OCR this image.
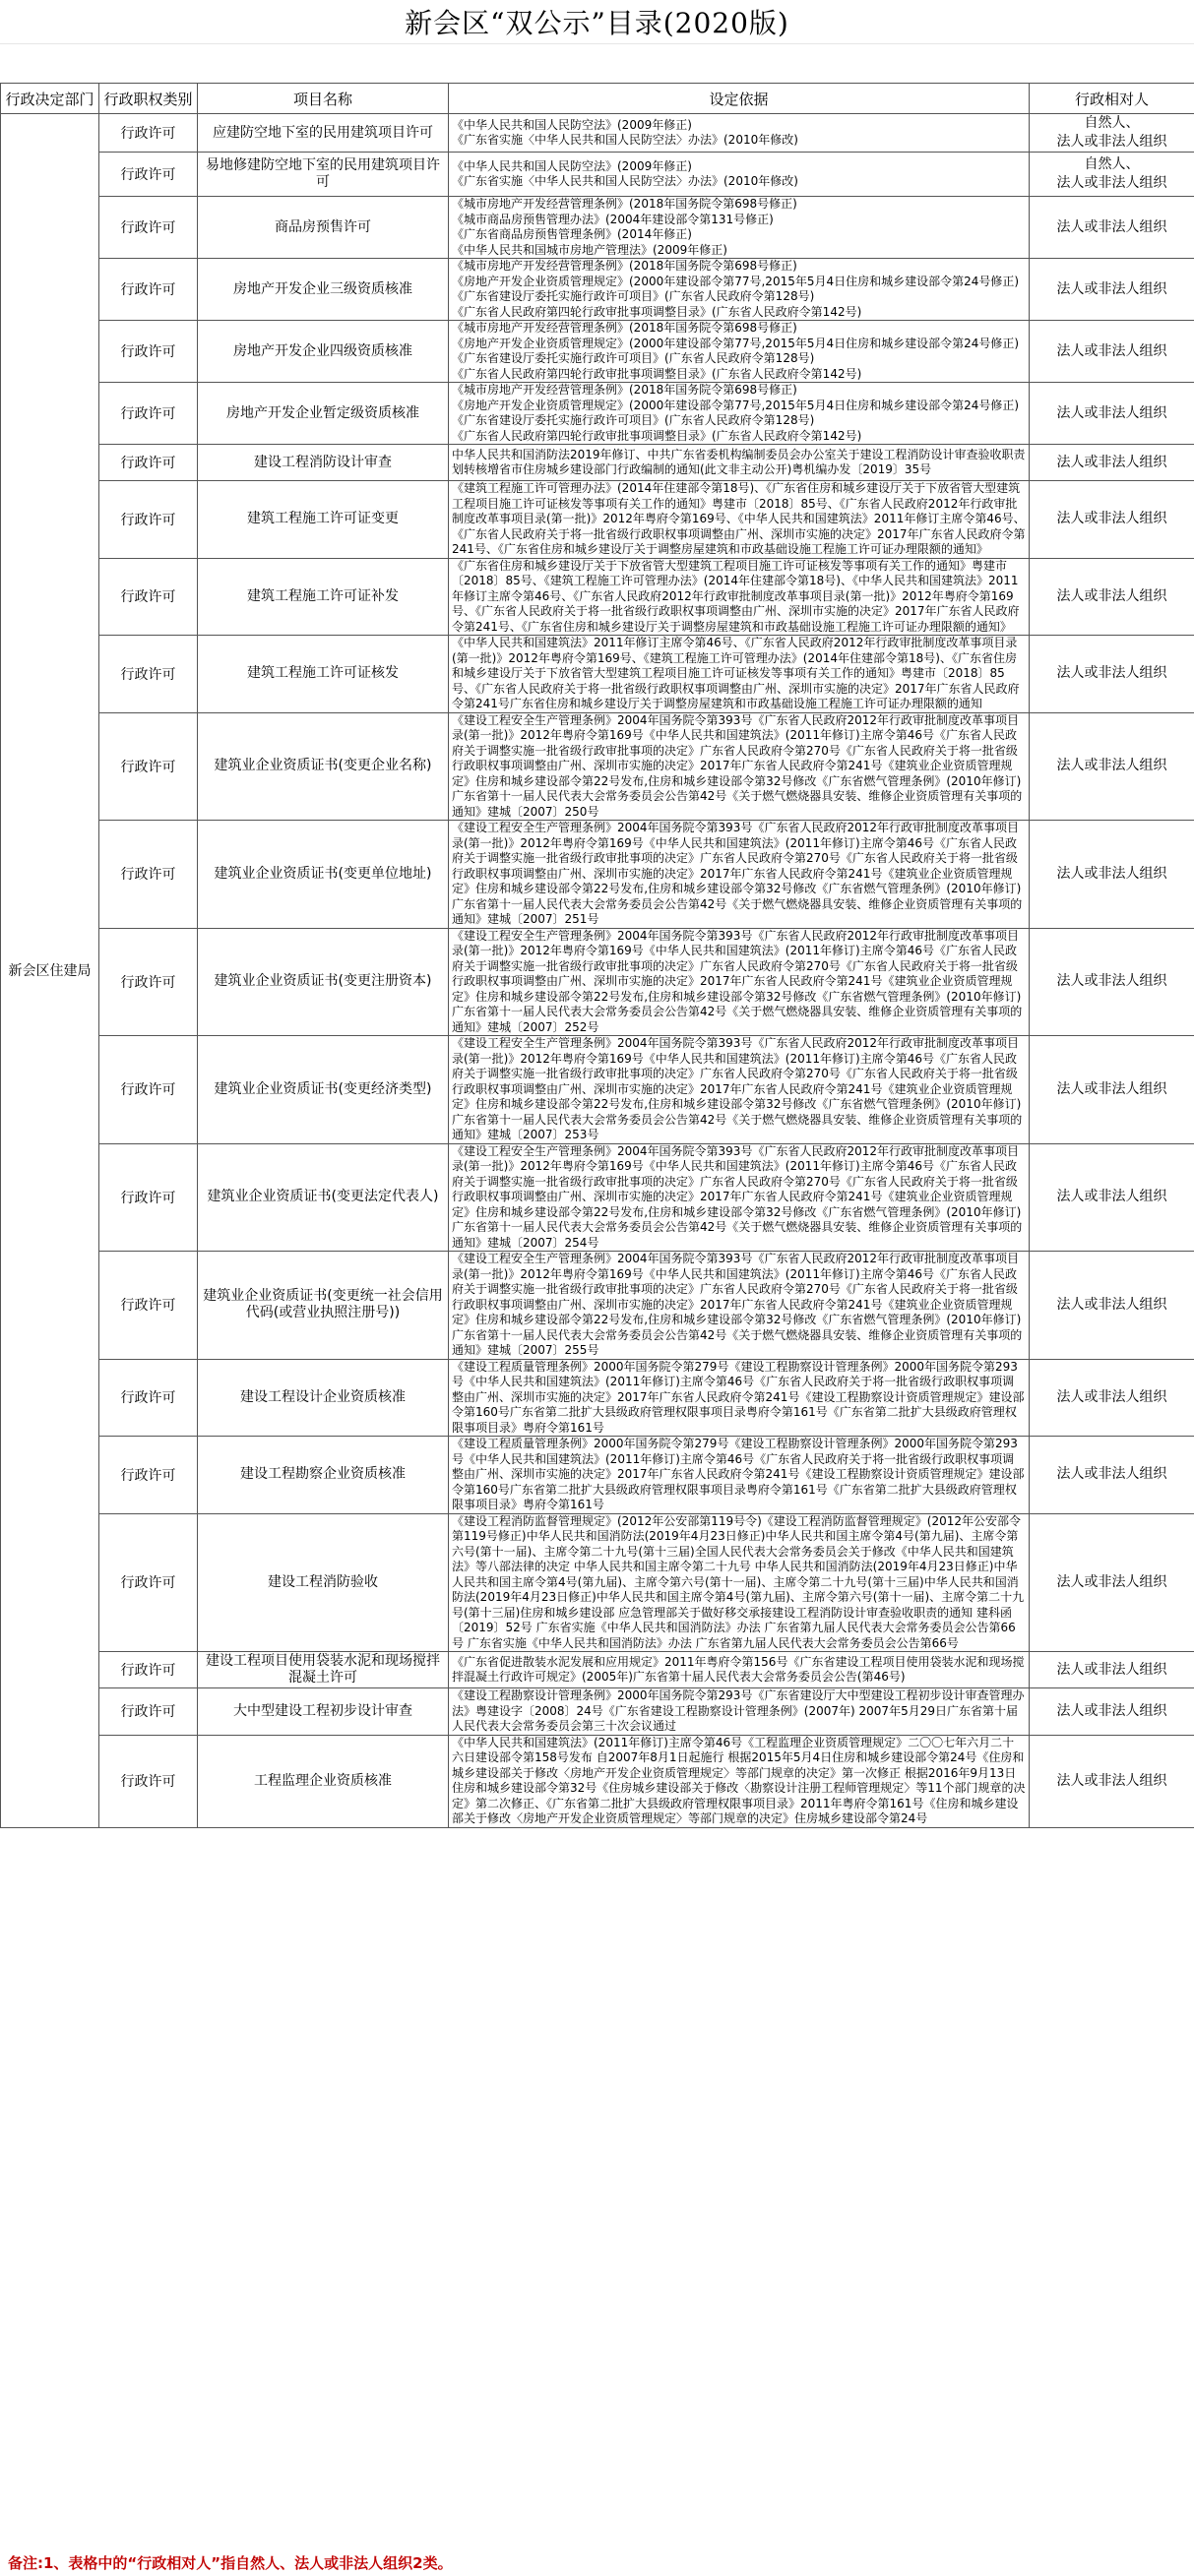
新会区“双公示”目录(2020版)
行政决定部门	行政职权类别	项目名称	设定依据	行政相对人
新会区住建局	行政许可	应建防空地下室的民用建筑项目许可	《中华人民共和国人民防空法》(2009年修正)
《广东省实施〈中华人民共和国人民防空法〉办法》(2010年修改)	自然人、
法人或非法人组织
	行政许可	易地修建防空地下室的民用建筑项目许可	《中华人民共和国人民防空法》(2009年修正)
《广东省实施〈中华人民共和国人民防空法〉办法》(2010年修改)	自然人、
法人或非法人组织
	行政许可	商品房预售许可	《城市房地产开发经营管理条例》(2018年国务院令第698号修正)
《城市商品房预售管理办法》(2004年建设部令第131号修正)
《广东省商品房预售管理条例》(2014年修正)
《中华人民共和国城市房地产管理法》(2009年修正)	法人或非法人组织
	行政许可	房地产开发企业三级资质核准	《城市房地产开发经营管理条例》(2018年国务院令第698号修正)
《房地产开发企业资质管理规定》(2000年建设部令第77号,2015年5月4日住房和城乡建设部令第24号修正)
《广东省建设厅委托实施行政许可项目》(广东省人民政府令第128号)
《广东省人民政府第四轮行政审批事项调整目录》(广东省人民政府令第142号)	法人或非法人组织
	行政许可	房地产开发企业四级资质核准	《城市房地产开发经营管理条例》(2018年国务院令第698号修正)
《房地产开发企业资质管理规定》(2000年建设部令第77号,2015年5月4日住房和城乡建设部令第24号修正)
《广东省建设厅委托实施行政许可项目》(广东省人民政府令第128号)
《广东省人民政府第四轮行政审批事项调整目录》(广东省人民政府令第142号)	法人或非法人组织
	行政许可	房地产开发企业暂定级资质核准	《城市房地产开发经营管理条例》(2018年国务院令第698号修正)
《房地产开发企业资质管理规定》(2000年建设部令第77号,2015年5月4日住房和城乡建设部令第24号修正)
《广东省建设厅委托实施行政许可项目》(广东省人民政府令第128号)
《广东省人民政府第四轮行政审批事项调整目录》(广东省人民政府令第142号)	法人或非法人组织
	行政许可	建设工程消防设计审查	中华人民共和国消防法2019年修订、中共广东省委机构编制委员会办公室关于建设工程消防设计审查验收职责划转核增省市住房城乡建设部门行政编制的通知(此文非主动公开)粤机编办发〔2019〕35号	法人或非法人组织
	行政许可	建筑工程施工许可证变更	《建筑工程施工许可管理办法》(2014年住建部令第18号)、《广东省住房和城乡建设厅关于下放省管大型建筑工程项目施工许可证核发等事项有关工作的通知》粤建市〔2018〕85号、《广东省人民政府2012年行政审批制度改革事项目录(第一批)》2012年粤府令第169号、《中华人民共和国建筑法》2011年修订主席令第46号、《广东省人民政府关于将一批省级行政职权事项调整由广州、深圳市实施的决定》2017年广东省人民政府令第241号、《广东省住房和城乡建设厅关于调整房屋建筑和市政基础设施工程施工许可证办理限额的通知》	法人或非法人组织
	行政许可	建筑工程施工许可证补发	《广东省住房和城乡建设厅关于下放省管大型建筑工程项目施工许可证核发等事项有关工作的通知》粤建市〔2018〕85号、《建筑工程施工许可管理办法》(2014年住建部令第18号)、《中华人民共和国建筑法》2011年修订主席令第46号、《广东省人民政府2012年行政审批制度改革事项目录(第一批)》2012年粤府令第169号、《广东省人民政府关于将一批省级行政职权事项调整由广州、深圳市实施的决定》2017年广东省人民政府令第241号、《广东省住房和城乡建设厅关于调整房屋建筑和市政基础设施工程施工许可证办理限额的通知》	法人或非法人组织
	行政许可	建筑工程施工许可证核发	《中华人民共和国建筑法》2011年修订主席令第46号、《广东省人民政府2012年行政审批制度改革事项目录(第一批)》2012年粤府令第169号、《建筑工程施工许可管理办法》(2014年住建部令第18号)、《广东省住房和城乡建设厅关于下放省管大型建筑工程项目施工许可证核发等事项有关工作的通知》粤建市〔2018〕85号、《广东省人民政府关于将一批省级行政职权事项调整由广州、深圳市实施的决定》2017年广东省人民政府令第241号广东省住房和城乡建设厅关于调整房屋建筑和市政基础设施工程施工许可证办理限额的通知	法人或非法人组织
	行政许可	建筑业企业资质证书(变更企业名称)	《建设工程安全生产管理条例》2004年国务院令第393号《广东省人民政府2012年行政审批制度改革事项目录(第一批)》2012年粤府令第169号《中华人民共和国建筑法》(2011年修订)主席令第46号《广东省人民政府关于调整实施一批省级行政审批事项的决定》广东省人民政府令第270号《广东省人民政府关于将一批省级行政职权事项调整由广州、深圳市实施的决定》2017年广东省人民政府令第241号《建筑业企业资质管理规定》住房和城乡建设部令第22号发布,住房和城乡建设部令第32号修改《广东省燃气管理条例》(2010年修订)广东省第十一届人民代表大会常务委员会公告第42号《关于燃气燃烧器具安装、维修企业资质管理有关事项的通知》建城〔2007〕250号	法人或非法人组织
	行政许可	建筑业企业资质证书(变更单位地址)	《建设工程安全生产管理条例》2004年国务院令第393号《广东省人民政府2012年行政审批制度改革事项目录(第一批)》2012年粤府令第169号《中华人民共和国建筑法》(2011年修订)主席令第46号《广东省人民政府关于调整实施一批省级行政审批事项的决定》广东省人民政府令第270号《广东省人民政府关于将一批省级行政职权事项调整由广州、深圳市实施的决定》2017年广东省人民政府令第241号《建筑业企业资质管理规定》住房和城乡建设部令第22号发布,住房和城乡建设部令第32号修改《广东省燃气管理条例》(2010年修订)广东省第十一届人民代表大会常务委员会公告第42号《关于燃气燃烧器具安装、维修企业资质管理有关事项的通知》建城〔2007〕251号	法人或非法人组织
	行政许可	建筑业企业资质证书(变更注册资本)	《建设工程安全生产管理条例》2004年国务院令第393号《广东省人民政府2012年行政审批制度改革事项目录(第一批)》2012年粤府令第169号《中华人民共和国建筑法》(2011年修订)主席令第46号《广东省人民政府关于调整实施一批省级行政审批事项的决定》广东省人民政府令第270号《广东省人民政府关于将一批省级行政职权事项调整由广州、深圳市实施的决定》2017年广东省人民政府令第241号《建筑业企业资质管理规定》住房和城乡建设部令第22号发布,住房和城乡建设部令第32号修改《广东省燃气管理条例》(2010年修订)广东省第十一届人民代表大会常务委员会公告第42号《关于燃气燃烧器具安装、维修企业资质管理有关事项的通知》建城〔2007〕252号	法人或非法人组织
	行政许可	建筑业企业资质证书(变更经济类型)	《建设工程安全生产管理条例》2004年国务院令第393号《广东省人民政府2012年行政审批制度改革事项目录(第一批)》2012年粤府令第169号《中华人民共和国建筑法》(2011年修订)主席令第46号《广东省人民政府关于调整实施一批省级行政审批事项的决定》广东省人民政府令第270号《广东省人民政府关于将一批省级行政职权事项调整由广州、深圳市实施的决定》2017年广东省人民政府令第241号《建筑业企业资质管理规定》住房和城乡建设部令第22号发布,住房和城乡建设部令第32号修改《广东省燃气管理条例》(2010年修订)广东省第十一届人民代表大会常务委员会公告第42号《关于燃气燃烧器具安装、维修企业资质管理有关事项的通知》建城〔2007〕253号	法人或非法人组织
	行政许可	建筑业企业资质证书(变更法定代表人)	《建设工程安全生产管理条例》2004年国务院令第393号《广东省人民政府2012年行政审批制度改革事项目录(第一批)》2012年粤府令第169号《中华人民共和国建筑法》(2011年修订)主席令第46号《广东省人民政府关于调整实施一批省级行政审批事项的决定》广东省人民政府令第270号《广东省人民政府关于将一批省级行政职权事项调整由广州、深圳市实施的决定》2017年广东省人民政府令第241号《建筑业企业资质管理规定》住房和城乡建设部令第22号发布,住房和城乡建设部令第32号修改《广东省燃气管理条例》(2010年修订)广东省第十一届人民代表大会常务委员会公告第42号《关于燃气燃烧器具安装、维修企业资质管理有关事项的通知》建城〔2007〕254号	法人或非法人组织
	行政许可	建筑业企业资质证书(变更统一社会信用代码(或营业执照注册号))	《建设工程安全生产管理条例》2004年国务院令第393号《广东省人民政府2012年行政审批制度改革事项目录(第一批)》2012年粤府令第169号《中华人民共和国建筑法》(2011年修订)主席令第46号《广东省人民政府关于调整实施一批省级行政审批事项的决定》广东省人民政府令第270号《广东省人民政府关于将一批省级行政职权事项调整由广州、深圳市实施的决定》2017年广东省人民政府令第241号《建筑业企业资质管理规定》住房和城乡建设部令第22号发布,住房和城乡建设部令第32号修改《广东省燃气管理条例》(2010年修订)广东省第十一届人民代表大会常务委员会公告第42号《关于燃气燃烧器具安装、维修企业资质管理有关事项的通知》建城〔2007〕255号	法人或非法人组织
	行政许可	建设工程设计企业资质核准	《建设工程质量管理条例》2000年国务院令第279号《建设工程勘察设计管理条例》2000年国务院令第293号《中华人民共和国建筑法》(2011年修订)主席令第46号《广东省人民政府关于将一批省级行政职权事项调整由广州、深圳市实施的决定》2017年广东省人民政府令第241号《建设工程勘察设计资质管理规定》建设部令第160号广东省第二批扩大县级政府管理权限事项目录粤府令第161号《广东省第二批扩大县级政府管理权限事项目录》粤府令第161号	法人或非法人组织
	行政许可	建设工程勘察企业资质核准	《建设工程质量管理条例》2000年国务院令第279号《建设工程勘察设计管理条例》2000年国务院令第293号《中华人民共和国建筑法》(2011年修订)主席令第46号《广东省人民政府关于将一批省级行政职权事项调整由广州、深圳市实施的决定》2017年广东省人民政府令第241号《建设工程勘察设计资质管理规定》建设部令第160号广东省第二批扩大县级政府管理权限事项目录粤府令第161号《广东省第二批扩大县级政府管理权限事项目录》粤府令第161号	法人或非法人组织
	行政许可	建设工程消防验收	《建设工程消防监督管理规定》(2012年公安部第119号令)《建设工程消防监督管理规定》(2012年公安部令第119号修正)中华人民共和国消防法(2019年4月23日修正)中华人民共和国主席令第4号(第九届)、主席令第六号(第十一届)、主席令第二十九号(第十三届)全国人民代表大会常务委员会关于修改《中华人民共和国建筑法》等八部法律的决定 中华人民共和国主席令第二十九号 中华人民共和国消防法(2019年4月23日修正)中华人民共和国主席令第4号(第九届)、主席令第六号(第十一届)、主席令第二十九号(第十三届)中华人民共和国消防法(2019年4月23日修正)中华人民共和国主席令第4号(第九届)、主席令第六号(第十一届)、主席令第二十九号(第十三届)住房和城乡建设部 应急管理部关于做好移交承接建设工程消防设计审查验收职责的通知 建科函〔2019〕52号 广东省实施《中华人民共和国消防法》办法 广东省第九届人民代表大会常务委员会公告第66号 广东省实施《中华人民共和国消防法》办法 广东省第九届人民代表大会常务委员会公告第66号	法人或非法人组织
	行政许可	建设工程项目使用袋装水泥和现场搅拌混凝土许可	《广东省促进散装水泥发展和应用规定》2011年粤府令第156号《广东省建设工程项目使用袋装水泥和现场搅拌混凝土行政许可规定》(2005年)广东省第十届人民代表大会常务委员会公告(第46号)	法人或非法人组织
	行政许可	大中型建设工程初步设计审查	《建设工程勘察设计管理条例》2000年国务院令第293号《广东省建设厅大中型建设工程初步设计审查管理办法》粤建设字〔2008〕24号《广东省建设工程勘察设计管理条例》(2007年) 2007年5月29日广东省第十届人民代表大会常务委员会第三十次会议通过	法人或非法人组织
	行政许可	工程监理企业资质核准	《中华人民共和国建筑法》(2011年修订)主席令第46号《工程监理企业资质管理规定》二〇〇七年六月二十六日建设部令第158号发布 自2007年8月1日起施行 根据2015年5月4日住房和城乡建设部令第24号《住房和城乡建设部关于修改〈房地产开发企业资质管理规定〉等部门规章的决定》第一次修正 根据2016年9月13日住房和城乡建设部令第32号《住房城乡建设部关于修改〈勘察设计注册工程师管理规定〉等11个部门规章的决定》第二次修正、《广东省第二批扩大县级政府管理权限事项目录》2011年粤府令第161号《住房和城乡建设部关于修改〈房地产开发企业资质管理规定〉等部门规章的决定》住房城乡建设部令第24号	法人或非法人组织
备注:1、表格中的“行政相对人”指自然人、法人或非法人组织2类。
